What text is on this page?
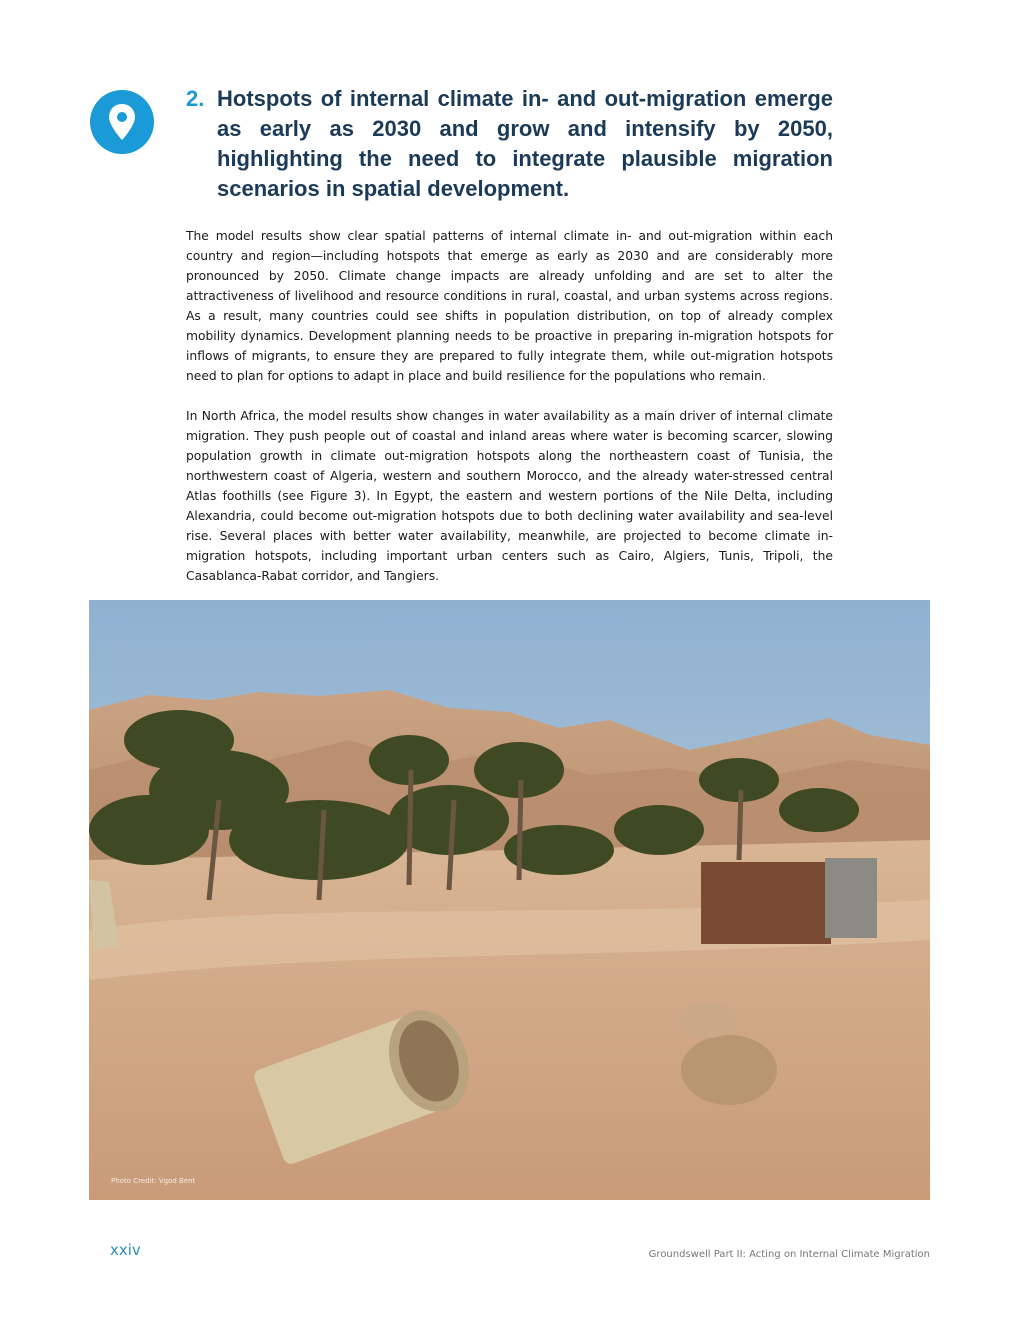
2. Hotspots of internal climate in- and out-migration emerge as early as 2030 and grow and intensify by 2050, highlighting the need to integrate plausible migration scenarios in spatial development.

The model results show clear spatial patterns of internal climate in- and out-migration within each country and region—including hotspots that emerge as early as 2030 and are considerably more pronounced by 2050. Climate change impacts are already unfolding and are set to alter the attractiveness of livelihood and resource conditions in rural, coastal, and urban systems across regions. As a result, many countries could see shifts in population distribution, on top of already complex mobility dynamics. Development planning needs to be proactive in preparing in-migration hotspots for inflows of migrants, to ensure they are prepared to fully integrate them, while out-migration hotspots need to plan for options to adapt in place and build resilience for the populations who remain.

In North Africa, the model results show changes in water availability as a main driver of internal climate migration. They push people out of coastal and inland areas where water is becoming scarcer, slowing population growth in climate out-migration hotspots along the northeastern coast of Tunisia, the northwestern coast of Algeria, western and southern Morocco, and the already water-stressed central Atlas foothills (see Figure 3). In Egypt, the eastern and western portions of the Nile Delta, including Alexandria, could become out-migration hotspots due to both declining water availability and sea-level rise. Several places with better water availability, meanwhile, are projected to become climate in-migration hotspots, including important urban centers such as Cairo, Algiers, Tunis, Tripoli, the Casablanca-Rabat corridor, and Tangiers.

Photo Credit: Vgod Bent
xxiv	Groundswell Part II: Acting on Internal Climate Migration
